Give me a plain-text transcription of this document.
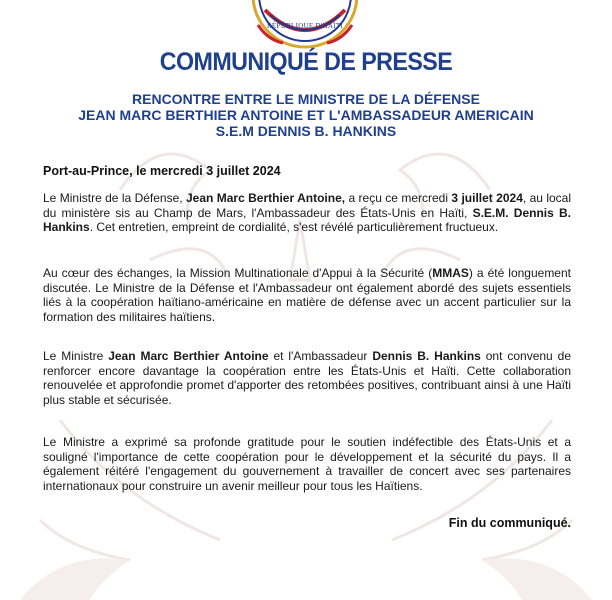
RÉPUBLIQUE D'HAÏTI
COMMUNIQUÉ DE PRESSE
RENCONTRE ENTRE LE MINISTRE DE LA DÉFENSE
JEAN MARC BERTHIER ANTOINE ET L'AMBASSADEUR AMERICAIN
S.E.M DENNIS B. HANKINS
Port-au-Prince, le mercredi 3 juillet 2024
Le Ministre de la Défense, Jean Marc Berthier Antoine, a reçu ce mercredi 3 juillet 2024, au local du ministère sis au Champ de Mars, l'Ambassadeur des États-Unis en Haïti, S.E.M. Dennis B. Hankins. Cet entretien, empreint de cordialité, s'est révélé particulièrement fructueux.
Au cœur des échanges, la Mission Multinationale d'Appui à la Sécurité (MMAS) a été longuement discutée. Le Ministre de la Défense et l'Ambassadeur ont également abordé des sujets essentiels liés à la coopération haïtiano-américaine en matière de défense avec un accent particulier sur la formation des militaires haïtiens.
Le Ministre Jean Marc Berthier Antoine et l'Ambassadeur Dennis B. Hankins ont convenu de renforcer encore davantage la coopération entre les États-Unis et Haïti. Cette collaboration renouvelée et approfondie promet d'apporter des retombées positives, contribuant ainsi à une Haïti plus stable et sécurisée.
Le Ministre a exprimé sa profonde gratitude pour le soutien indéfectible des États-Unis et a souligné l'importance de cette coopération pour le développement et la sécurité du pays. Il a également réitéré l'engagement du gouvernement à travailler de concert avec ses partenaires internationaux pour construire un avenir meilleur pour tous les Haïtiens.
Fin du communiqué.
